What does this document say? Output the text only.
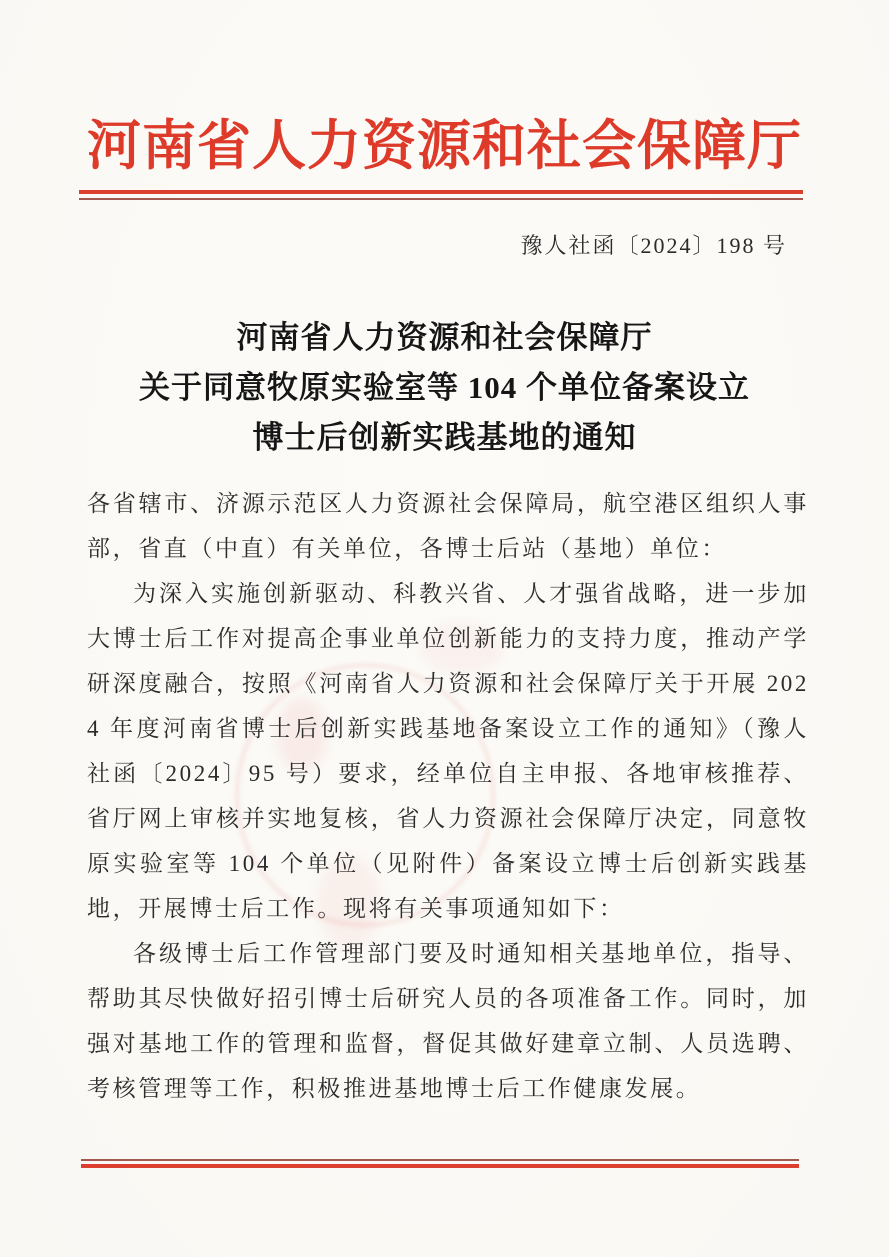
河南省人力资源和社会保障厅
豫人社函〔2024〕198 号
河南省人力资源和社会保障厅
关于同意牧原实验室等 104 个单位备案设立
博士后创新实践基地的通知

各省辖市、济源示范区人力资源社会保障局，航空港区组织人事部，省直（中直）有关单位，各博士后站（基地）单位：

为深入实施创新驱动、科教兴省、人才强省战略，进一步加大博士后工作对提高企事业单位创新能力的支持力度，推动产学研深度融合，按照《河南省人力资源和社会保障厅关于开展 2024 年度河南省博士后创新实践基地备案设立工作的通知》（豫人社函〔2024〕95 号）要求，经单位自主申报、各地审核推荐、省厅网上审核并实地复核，省人力资源社会保障厅决定，同意牧原实验室等 104 个单位（见附件）备案设立博士后创新实践基地，开展博士后工作。现将有关事项通知如下：

各级博士后工作管理部门要及时通知相关基地单位，指导、帮助其尽快做好招引博士后研究人员的各项准备工作。同时，加强对基地工作的管理和监督，督促其做好建章立制、人员选聘、考核管理等工作，积极推进基地博士后工作健康发展。
